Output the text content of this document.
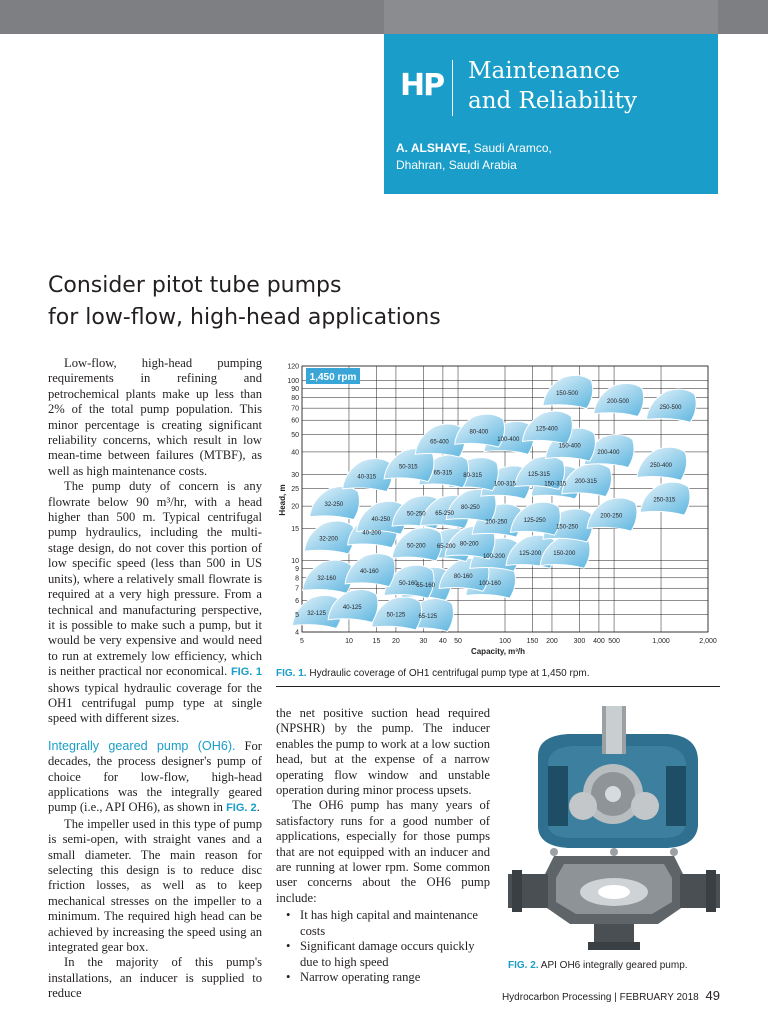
HP Maintenance
and Reliability
A. ALSHAYE, Saudi Aramco,
Dhahran, Saudi Arabia
Consider pitot tube pumps
for low-flow, high-head applications

Low-flow, high-head pumping requirements in refining and petrochemical plants make up less than 2% of the total pump population. This minor percentage is creating significant reliability concerns, which result in low mean-time between failures (MTBF), as well as high maintenance costs.

The pump duty of concern is any flowrate below 90 m³/hr, with a head higher than 500 m. Typical centrifugal pump hydraulics, including the multi-stage design, do not cover this portion of low specific speed (less than 500 in US units), where a relatively small flowrate is required at a very high pressure. From a technical and manufacturing perspective, it is possible to make such a pump, but it would be very expensive and would need to run at extremely low efficiency, which is neither practical nor economical. FIG. 1 shows typical hydraulic coverage for the OH1 centrifugal pump type at single speed with different sizes.

Integrally geared pump (OH6). For decades, the process designer's pump of choice for low-flow, high-head applications was the integrally geared pump (i.e., API OH6), as shown in FIG. 2.

The impeller used in this type of pump is semi-open, with straight vanes and a small diameter. The main reason for selecting this design is to reduce disc friction losses, as well as to keep mechanical stresses on the impeller to a minimum. The required high head can be achieved by increasing the speed using an integrated gear box.

In the majority of this pump's installations, an inducer is supplied to reduce

32-125
40-125
50-125 65-125
32-160
40-160
50-160
65-160
80-160
100-160
32-200
40-200
50-200 65-200 80-200
100-200 125-200 150-200
32-250
40-250
50-250 65-250
80-250
100-250	125-250
150-250
200-250
250-315
40-315
50-315
65-315 80-315
100-315
125-315
150-315 200-315
65-400
80-400
100-400
125-400
150-400
200-400
250-400
150-500
200-500
250-500
5	10	15 20	30 40 50	100 150 200 300 400 500	1,000	2,000
4
5
6
7
8
9
10
15
20
25
30
40
50
60
70
80
90
100
120
1,450 rpm
Head, m
Capacity, m³/h
FIG. 1. Hydraulic coverage of OH1 centrifugal pump type at 1,450 rpm.

the net positive suction head required (NPSHR) by the pump. The inducer enables the pump to work at a low suction head, but at the expense of a narrow operating flow window and unstable operation during minor process upsets.

The OH6 pump has many years of satisfactory runs for a good number of applications, especially for those pumps that are not equipped with an inducer and are running at lower rpm. Some common user concerns about the OH6 pump include:

• It has high capital and maintenance costs
• Significant damage occurs quickly due to high speed
• Narrow operating range
FIG. 2. API OH6 integrally geared pump.
Hydrocarbon Processing | FEBRUARY 2018 49
